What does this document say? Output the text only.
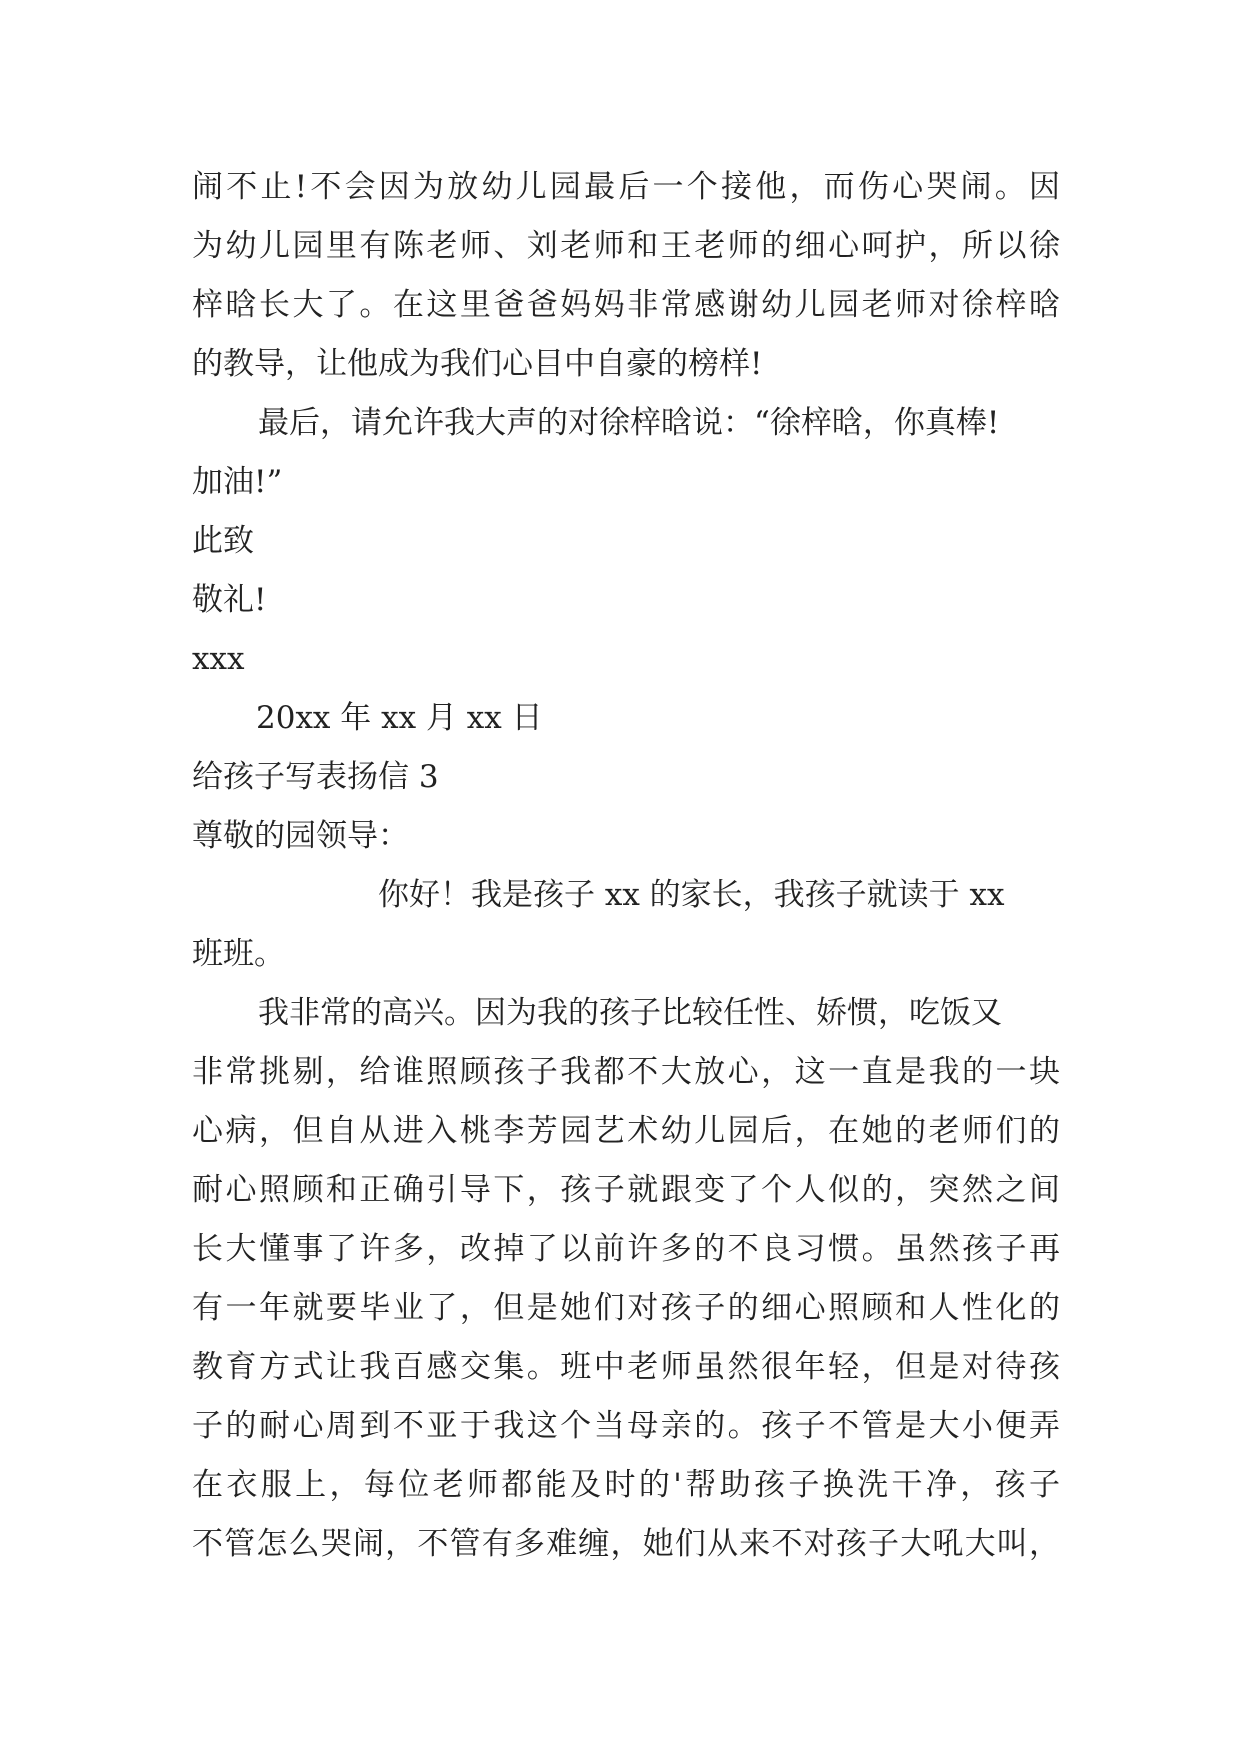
闹不止!不会因为放幼儿园最后一个接他，而伤心哭闹。因
为幼儿园里有陈老师、刘老师和王老师的细心呵护，所以徐
梓晗长大了。在这里爸爸妈妈非常感谢幼儿园老师对徐梓晗
的教导，让他成为我们心目中自豪的榜样!
最后，请允许我大声的对徐梓晗说：“徐梓晗，你真棒!
加油!”
此致
敬礼!
xxx
20xx 年 xx 月 xx 日
给孩子写表扬信 3
尊敬的园领导：
你好！我是孩子 xx 的家长，我孩子就读于 xx
班班。
我非常的高兴。因为我的孩子比较任性、娇惯，吃饭又
非常挑剔，给谁照顾孩子我都不大放心，这一直是我的一块
心病，但自从进入桃李芳园艺术幼儿园后，在她的老师们的
耐心照顾和正确引导下，孩子就跟变了个人似的，突然之间
长大懂事了许多，改掉了以前许多的不良习惯。虽然孩子再
有一年就要毕业了，但是她们对孩子的细心照顾和人性化的
教育方式让我百感交集。班中老师虽然很年轻，但是对待孩
子的耐心周到不亚于我这个当母亲的。孩子不管是大小便弄
在衣服上，每位老师都能及时的'帮助孩子换洗干净，孩子
不管怎么哭闹，不管有多难缠，她们从来不对孩子大吼大叫，
